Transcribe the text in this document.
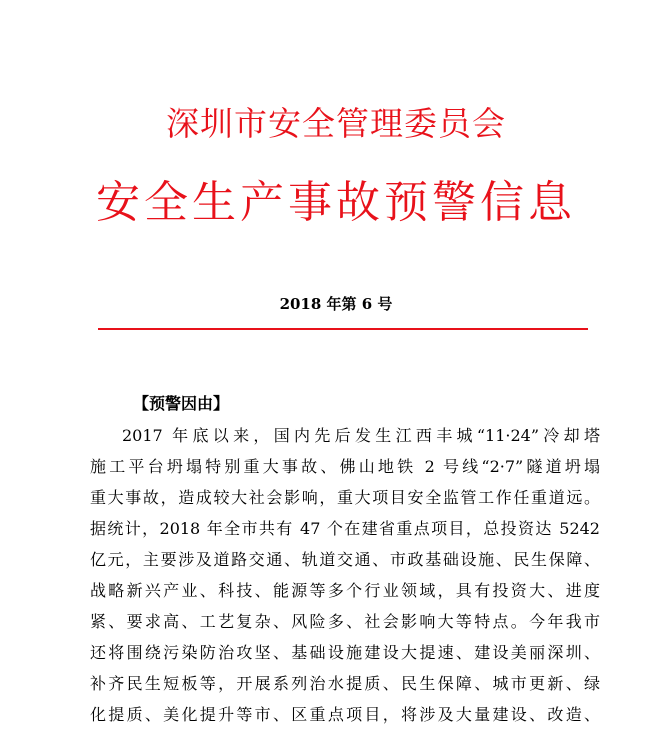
深圳市安全管理委员会
安全生产事故预警信息
2018 年第 6 号
【预警因由】
2017 年底以来，国内先后发生江西丰城“11·24”冷却塔
施工平台坍塌特别重大事故、佛山地铁 2 号线“2·7”隧道坍塌
重大事故，造成较大社会影响，重大项目安全监管工作任重道远。
据统计，2018 年全市共有 47 个在建省重点项目，总投资达 5242
亿元，主要涉及道路交通、轨道交通、市政基础设施、民生保障、
战略新兴产业、科技、能源等多个行业领域，具有投资大、进度
紧、要求高、工艺复杂、风险多、社会影响大等特点。今年我市
还将围绕污染防治攻坚、基础设施建设大提速、建设美丽深圳、
补齐民生短板等，开展系列治水提质、民生保障、城市更新、绿
化提质、美化提升等市、区重点项目，将涉及大量建设、改造、
